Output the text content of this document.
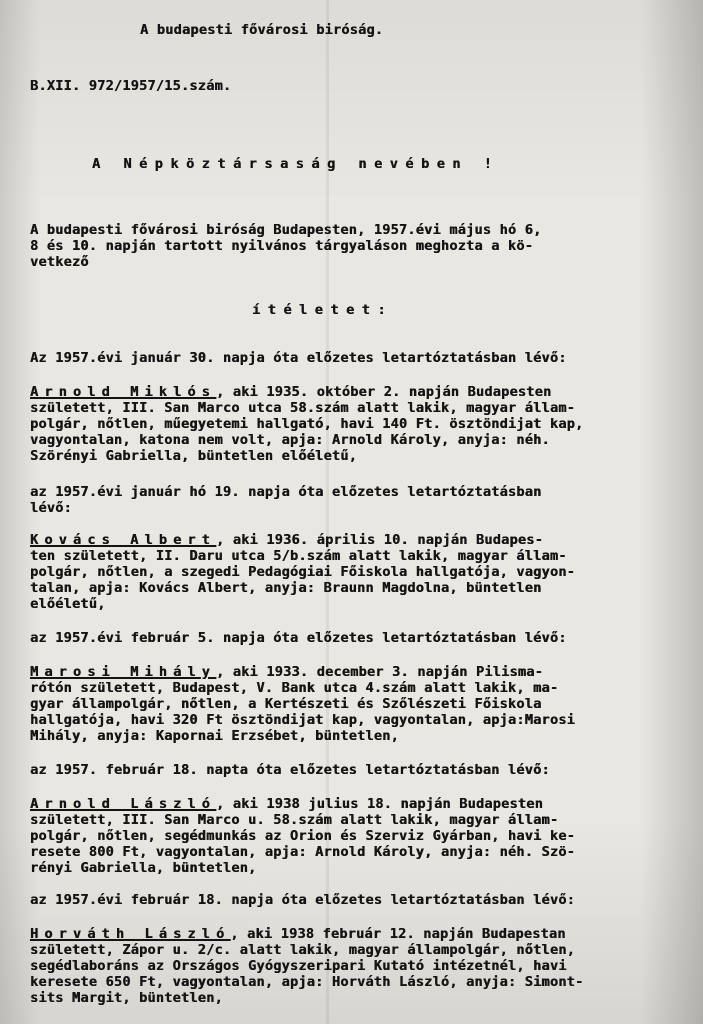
A budapesti fővárosi biróság.

B.XII. 972/1957/15.szám.

A Népköztársaság nevében !

A budapesti fővárosi biróság Budapesten, 1957.évi május hó 6,

8 és 10. napján tartott nyilvános tárgyaláson meghozta a kö-

vetkező

ítéletet:

Az 1957.évi január 30. napja óta előzetes letartóztatásban lévő:

Arnold Miklós, aki 1935. október 2. napján Budapesten

született, III. San Marco utca 58.szám alatt lakik, magyar állam-

polgár, nőtlen, műegyetemi hallgató, havi 140 Ft. ösztöndijat kap,

vagyontalan, katona nem volt, apja: Arnold Károly, anyja: néh.

Szörényi Gabriella, büntetlen előéletű,

az 1957.évi január hó 19. napja óta előzetes letartóztatásban

lévő:

Kovács Albert, aki 1936. április 10. napján Budapes-

ten született, II. Daru utca 5/b.szám alatt lakik, magyar állam-

polgár, nőtlen, a szegedi Pedagógiai Főiskola hallgatója, vagyon-

talan, apja: Kovács Albert, anyja: Braunn Magdolna, büntetlen

előéletű,

az 1957.évi február 5. napja óta előzetes letartóztatásban lévő:

Marosi Mihály, aki 1933. december 3. napján Pilisma-

rótón született, Budapest, V. Bank utca 4.szám alatt lakik, ma-

gyar állampolgár, nőtlen, a Kertészeti és Szőlészeti Főiskola

hallgatója, havi 320 Ft ösztöndijat kap, vagyontalan, apja:Marosi

Mihály, anyja: Kapornai Erzsébet, büntetlen,

az 1957. február 18. napta óta előzetes letartóztatásban lévő:

Arnold László, aki 1938 julius 18. napján Budapesten

született, III. San Marco u. 58.szám alatt lakik, magyar állam-

polgár, nőtlen, segédmunkás az Orion és Szerviz Gyárban, havi ke-

resete 800 Ft, vagyontalan, apja: Arnold Károly, anyja: néh. Szö-

rényi Gabriella, büntetlen,

az 1957.évi február 18. napja óta előzetes letartóztatásban lévő:

Horváth László, aki 1938 február 12. napján Budapestan

született, Zápor u. 2/c. alatt lakik, magyar állampolgár, nőtlen,

segédlaboráns az Országos Gyógyszeripari Kutató intézetnél, havi

keresete 650 Ft, vagyontalan, apja: Horváth László, anyja: Simont-

sits Margit, büntetlen,
